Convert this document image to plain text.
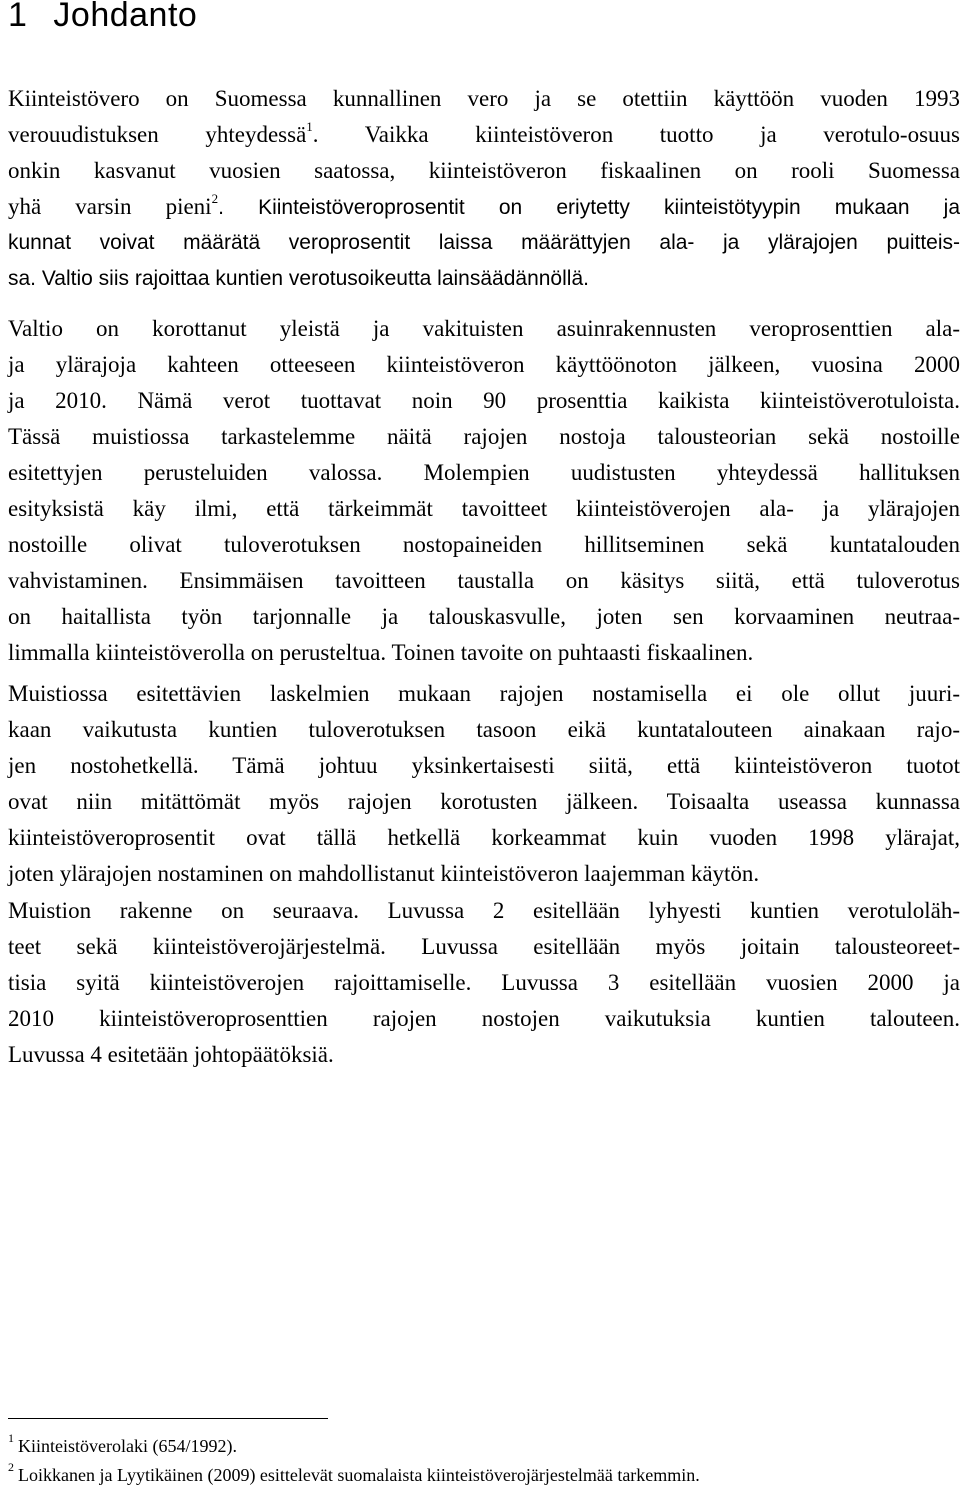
1 Johdanto
Kiinteistövero on Suomessa kunnallinen vero ja se otettiin käyttöön vuoden 1993
verouudistuksen yhteydessä$^1$. Vaikka kiinteistöveron tuotto ja verotulo-osuus
onkin kasvanut vuosien saatossa, kiinteistöveron fiskaalinen on rooli Suomessa
yhä varsin pieni$^2$. Kiinteistöveroprosentit on eriytetty kiinteistötyypin mukaan ja
kunnat voivat määrätä veroprosentit laissa määrättyjen ala- ja ylärajojen puitteis-
sa. Valtio siis rajoittaa kuntien verotusoikeutta lainsäädännöllä.
Valtio on korottanut yleistä ja vakituisten asuinrakennusten veroprosenttien ala-
ja ylärajoja kahteen otteeseen kiinteistöveron käyttöönoton jälkeen, vuosina 2000
ja 2010. Nämä verot tuottavat noin 90 prosenttia kaikista kiinteistöverotuloista.
Tässä muistiossa tarkastelemme näitä rajojen nostoja talousteorian sekä nostoille
esitettyjen perusteluiden valossa. Molempien uudistusten yhteydessä hallituksen
esityksistä käy ilmi, että tärkeimmät tavoitteet kiinteistöverojen ala- ja ylärajojen
nostoille olivat tuloverotuksen nostopaineiden hillitseminen sekä kuntatalouden
vahvistaminen. Ensimmäisen tavoitteen taustalla on käsitys siitä, että tuloverotus
on haitallista työn tarjonnalle ja talouskasvulle, joten sen korvaaminen neutraa-
limmalla kiinteistöverolla on perusteltua. Toinen tavoite on puhtaasti fiskaalinen.
Muistiossa esitettävien laskelmien mukaan rajojen nostamisella ei ole ollut juuri-
kaan vaikutusta kuntien tuloverotuksen tasoon eikä kuntatalouteen ainakaan rajo-
jen nostohetkellä. Tämä johtuu yksinkertaisesti siitä, että kiinteistöveron tuotot
ovat niin mitättömät myös rajojen korotusten jälkeen. Toisaalta useassa kunnassa
kiinteistöveroprosentit ovat tällä hetkellä korkeammat kuin vuoden 1998 ylärajat,
joten ylärajojen nostaminen on mahdollistanut kiinteistöveron laajemman käytön.
Muistion rakenne on seuraava. Luvussa 2 esitellään lyhyesti kuntien verotuloläh-
teet sekä kiinteistöverojärjestelmä. Luvussa esitellään myös joitain talousteoreet-
tisia syitä kiinteistöverojen rajoittamiselle. Luvussa 3 esitellään vuosien 2000 ja
2010 kiinteistöveroprosenttien rajojen nostojen vaikutuksia kuntien talouteen.
Luvussa 4 esitetään johtopäätöksiä.
$^1$ Kiinteistöverolaki (654/1992).
$^2$ Loikkanen ja Lyytikäinen (2009) esittelevät suomalaista kiinteistöverojärjestelmää tarkemmin.
